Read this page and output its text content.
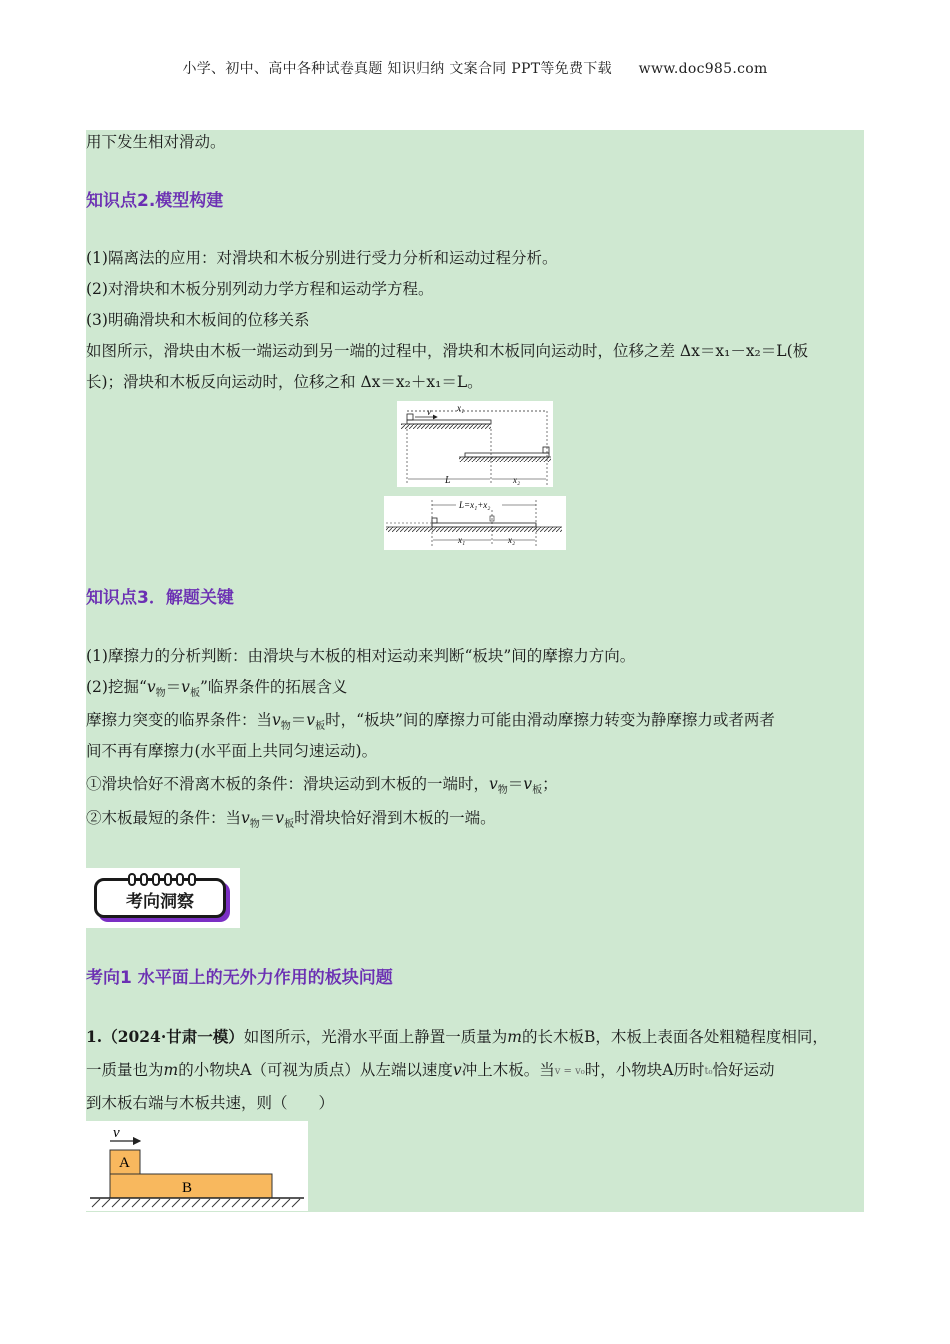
小学、初中、高中各种试卷真题 知识归纳 文案合同 PPT等免费下载 www.doc985.com

用下发生相对滑动。

知识点2.模型构建

(1)隔离法的应用：对滑块和木板分别进行受力分析和运动过程分析。

(2)对滑块和木板分别列动力学方程和运动学方程。

(3)明确滑块和木板间的位移关系

如图所示，滑块由木板一端运动到另一端的过程中，滑块和木板同向运动时，位移之差 Δx＝x₁－x₂＝L(板

长)；滑块和木板反向运动时，位移之和 Δx＝x₂＋x₁＝L。

v	x₁
L	x₂
L=x₁+x₂
x₁	x₂
知识点3．解题关键

(1)摩擦力的分析判断：由滑块与木板的相对运动来判断“板块”间的摩擦力方向。

(2)挖掘“$v_物=v_板$”临界条件的拓展含义

摩擦力突变的临界条件：当$v_物=v_板$时，“板块”间的摩擦力可能由滑动摩擦力转变为静摩擦力或者两者

间不再有摩擦力(水平面上共同匀速运动)。

①滑块恰好不滑离木板的条件：滑块运动到木板的一端时，$v_物=v_板$；

②木板最短的条件：当$v_物=v_板$时滑块恰好滑到木板的一端。

考向洞察
考向1 水平面上的无外力作用的板块问题

1.（2024·甘肃一模）如图所示，光滑水平面上静置一质量为m的长木板B，木板上表面各处粗糙程度相同，

一质量也为m的小物块A（可视为质点）从左端以速度v冲上木板。当v = v₀时，小物块A历时t₀恰好运动

到木板右端与木板共速，则（　　）

v
A
B
